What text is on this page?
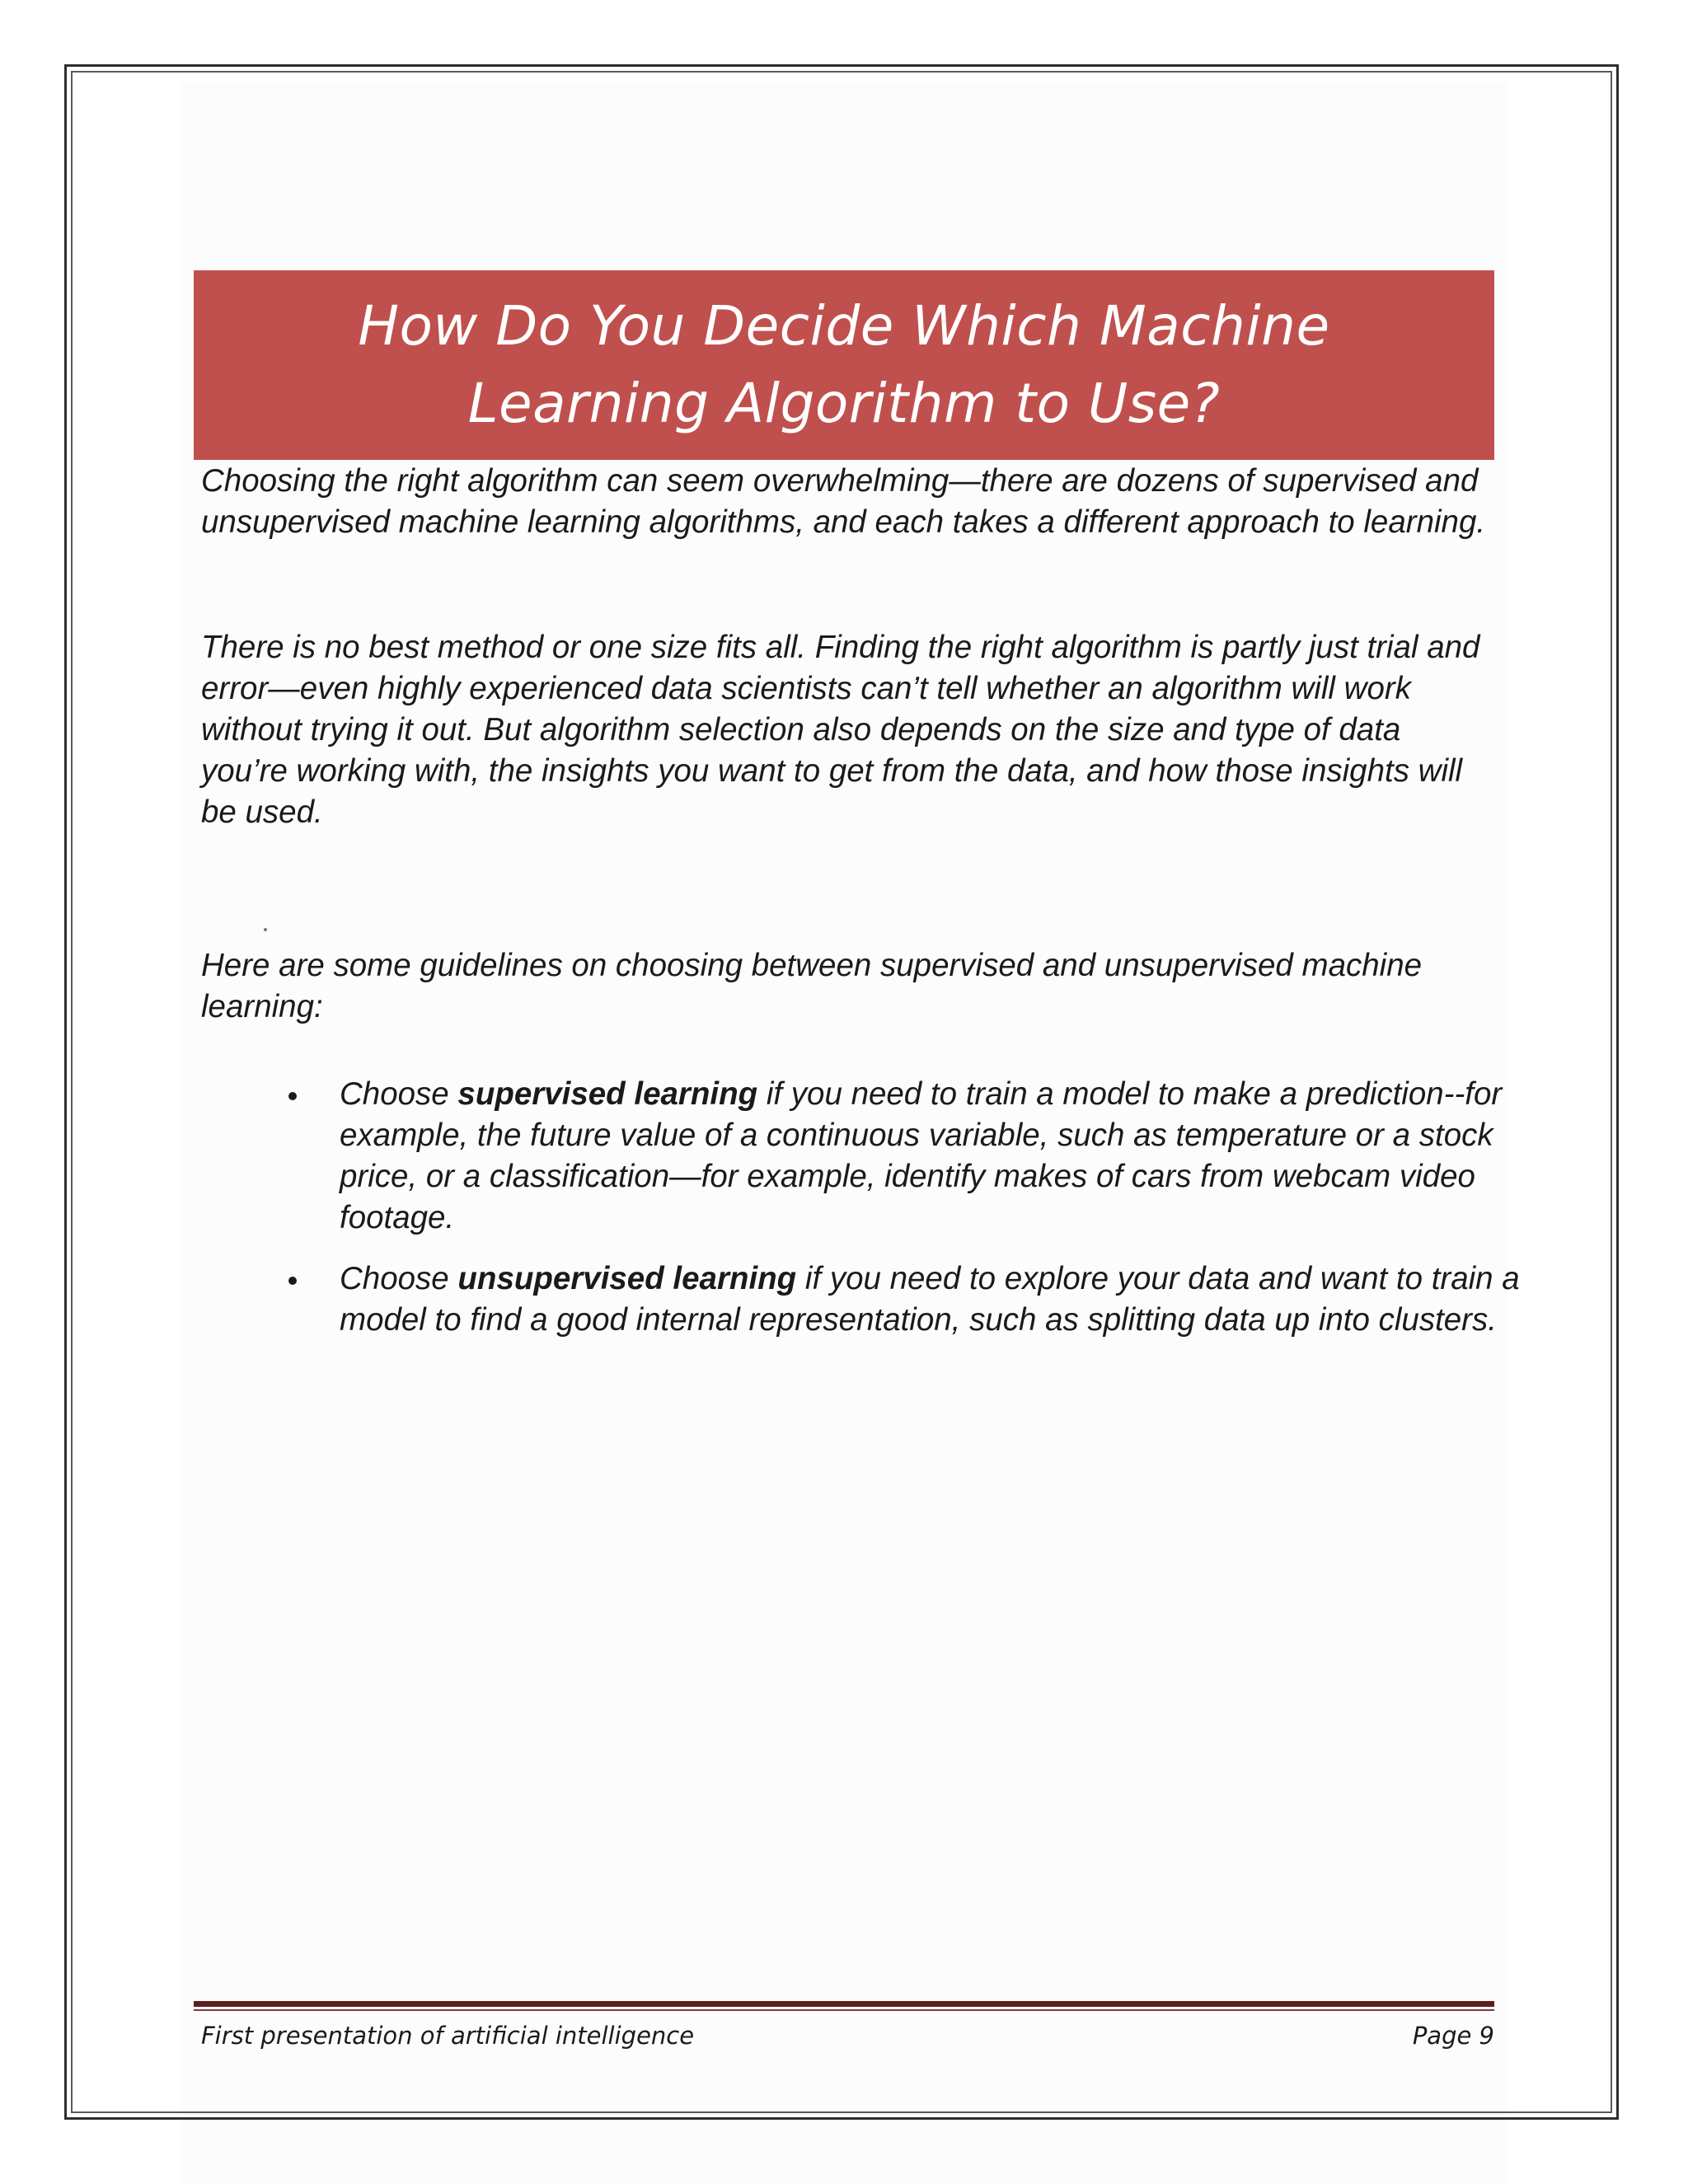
How Do You Decide Which Machine
Learning Algorithm to Use?

Choosing the right algorithm can seem overwhelming—there are dozens of supervised and unsupervised machine learning algorithms, and each takes a different approach to learning.

There is no best method or one size fits all. Finding the right algorithm is partly just trial and error—even highly experienced data scientists can’t tell whether an algorithm will work without trying it out. But algorithm selection also depends on the size and type of data you’re working with, the insights you want to get from the data, and how those insights will be used.

Here are some guidelines on choosing between supervised and unsupervised machine learning:

Choose supervised learning if you need to train a model to make a prediction--for example, the future value of a continuous variable, such as temperature or a stock price, or a classification—for example, identify makes of cars from webcam video footage.

Choose unsupervised learning if you need to explore your data and want to train a model to find a good internal representation, such as splitting data up into clusters.

First presentation of artificial intelligence	Page 9
